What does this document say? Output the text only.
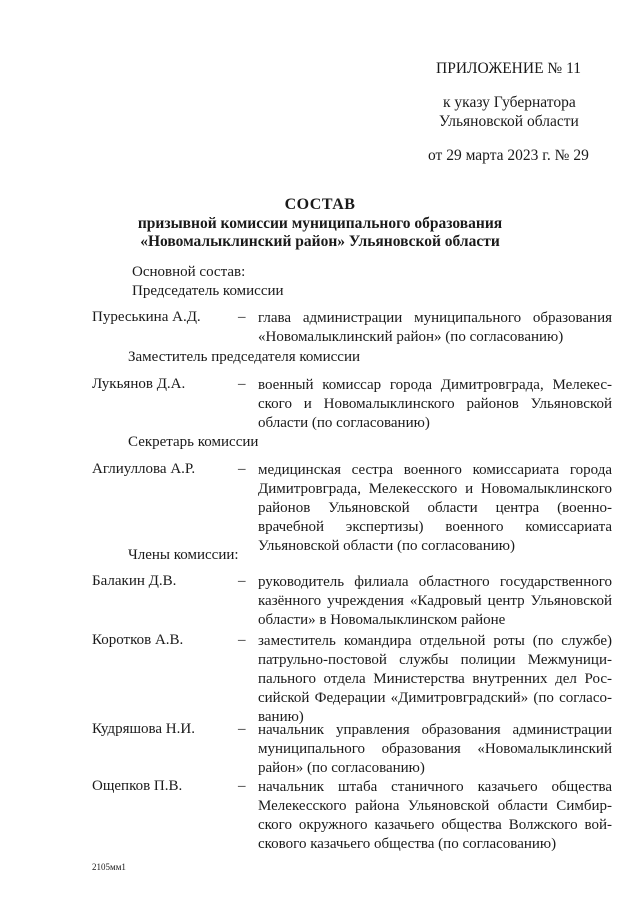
ПРИЛОЖЕНИЕ № 11
к указу Губернатора
Ульяновской области
от 29 марта 2023 г. № 29
СОСТАВ
призывной комиссии муниципального образования
«Новомалыклинский район» Ульяновской области
Основной состав:
Председатель комиссии
Пуреськина А.Д. – глава администрации муниципального образования «Новомалыклинский район» (по согласованию)
Заместитель председателя комиссии
Лукьянов Д.А.	– военный комиссар города Димитровграда, Мелекесского и Новомалыклинского районов Ульяновской области (по согласованию)
Секретарь комиссии
Аглиуллова А.Р.	– медицинская сестра военного комиссариата города Димитровграда, Мелекесского и Новомалыклинского районов Ульяновской области центра (военно-врачебной экспертизы) военного комиссариата Ульяновской области (по согласованию)
Члены комиссии:
Балакин Д.В.	– руководитель филиала областного государственного казённого учреждения «Кадровый центр Ульяновской области» в Новомалыклинском районе
Коротков А.В.	– заместитель командира отдельной роты (по службе) патрульно-постовой службы полиции Межмуниципального отдела Министерства внутренних дел Российской Федерации «Димитровградский» (по согласованию)
Кудряшова Н.И.	– начальник управления образования администрации муниципального образования «Новомалыклинский район» (по согласованию)
Ощепков П.В.	– начальник штаба станичного казачьего общества Мелекесского района Ульяновской области Симбирского окружного казачьего общества Волжского войскового казачьего общества (по согласованию)
2105мм1
